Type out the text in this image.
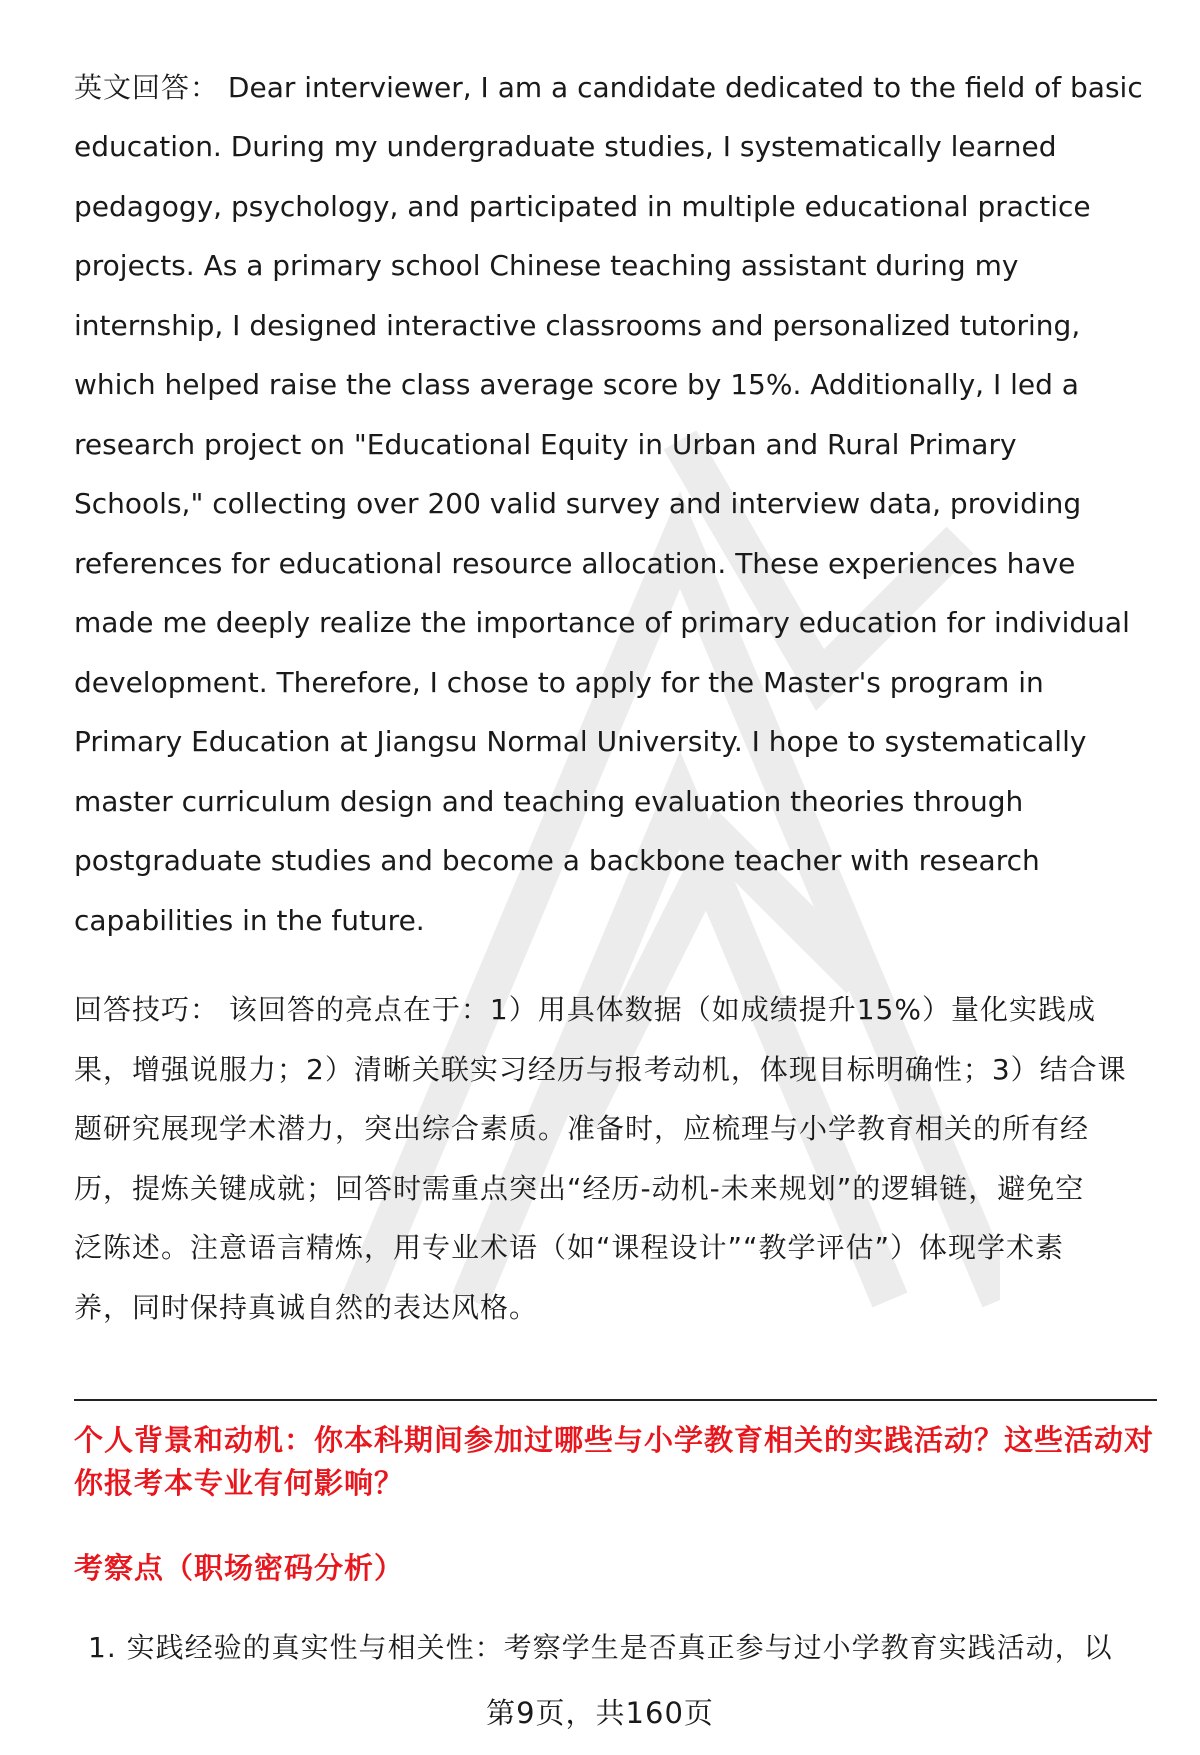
英文回答： Dear interviewer, I am a candidate dedicated to the field of basic
education. During my undergraduate studies, I systematically learned
pedagogy, psychology, and participated in multiple educational practice
projects. As a primary school Chinese teaching assistant during my
internship, I designed interactive classrooms and personalized tutoring,
which helped raise the class average score by 15%. Additionally, I led a
research project on "Educational Equity in Urban and Rural Primary
Schools," collecting over 200 valid survey and interview data, providing
references for educational resource allocation. These experiences have
made me deeply realize the importance of primary education for individual
development. Therefore, I chose to apply for the Master's program in
Primary Education at Jiangsu Normal University. I hope to systematically
master curriculum design and teaching evaluation theories through
postgraduate studies and become a backbone teacher with research
capabilities in the future.
回答技巧： 该回答的亮点在于：1）用具体数据（如成绩提升15%）量化实践成
果，增强说服力；2）清晰关联实习经历与报考动机，体现目标明确性；3）结合课
题研究展现学术潜力，突出综合素质。准备时，应梳理与小学教育相关的所有经
历，提炼关键成就；回答时需重点突出“经历-动机-未来规划”的逻辑链，避免空
泛陈述。注意语言精炼，用专业术语（如“课程设计”“教学评估”）体现学术素
养，同时保持真诚自然的表达风格。
个人背景和动机：你本科期间参加过哪些与小学教育相关的实践活动？这些活动对
你报考本专业有何影响？
考察点（职场密码分析）
1. 实践经验的真实性与相关性：考察学生是否真正参与过小学教育实践活动，以
第9页，共160页
